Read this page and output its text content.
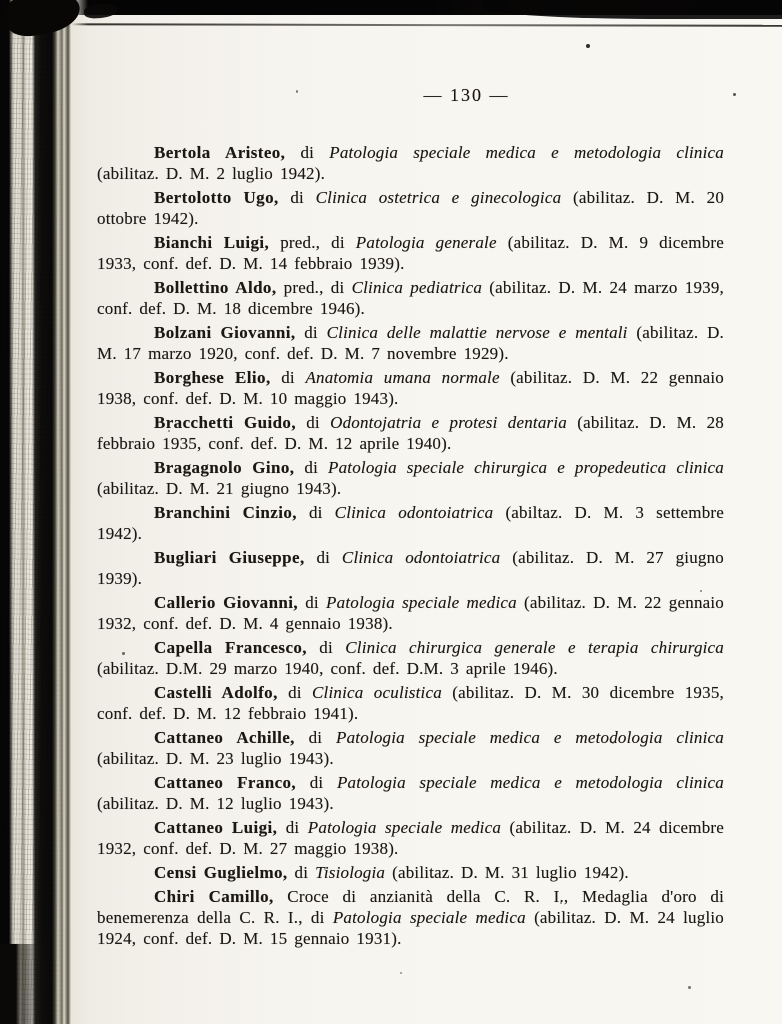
— 130 —

Bertola Aristeo, di Patologia speciale medica e metodologia clinica (abilitaz. D. M. 2 luglio 1942).

Bertolotto Ugo, di Clinica ostetrica e ginecologica (abilitaz. D. M. 20 ottobre 1942).

Bianchi Luigi, pred., di Patologia generale (abilitaz. D. M. 9 dicembre 1933, conf. def. D. M. 14 febbraio 1939).

Bollettino Aldo, pred., di Clinica pediatrica (abilitaz. D. M. 24 marzo 1939, conf. def. D. M. 18 dicembre 1946).

Bolzani Giovanni, di Clinica delle malattie nervose e mentali (abilitaz. D. M. 17 marzo 1920, conf. def. D. M. 7 novembre 1929).

Borghese Elio, di Anatomia umana normale (abilitaz. D. M. 22 gennaio 1938, conf. def. D. M. 10 maggio 1943).

Bracchetti Guido, di Odontojatria e protesi dentaria (abilitaz. D. M. 28 febbraio 1935, conf. def. D. M. 12 aprile 1940).

Bragagnolo Gino, di Patologia speciale chirurgica e propedeutica clinica (abilitaz. D. M. 21 giugno 1943).

Branchini Cinzio, di Clinica odontoiatrica (abiltaz. D. M. 3 settembre 1942).

Bugliari Giuseppe, di Clinica odontoiatrica (abilitaz. D. M. 27 giugno 1939).

Callerio Giovanni, di Patologia speciale medica (abilitaz. D. M. 22 gennaio 1932, conf. def. D. M. 4 gennaio 1938).

Capella Francesco, di Clinica chirurgica generale e terapia chirurgica (abilitaz. D.M. 29 marzo 1940, conf. def. D.M. 3 aprile 1946).

Castelli Adolfo, di Clinica oculistica (abilitaz. D. M. 30 dicembre 1935, conf. def. D. M. 12 febbraio 1941).

Cattaneo Achille, di Patologia speciale medica e metodologia clinica (abilitaz. D. M. 23 luglio 1943).

Cattaneo Franco, di Patologia speciale medica e metodologia clinica (abilitaz. D. M. 12 luglio 1943).

Cattaneo Luigi, di Patologia speciale medica (abilitaz. D. M. 24 dicembre 1932, conf. def. D. M. 27 maggio 1938).

Censi Guglielmo, di Tisiologia (abilitaz. D. M. 31 luglio 1942).

Chiri Camillo, Croce di anzianità della C. R. I., Medaglia d'oro di benemerenza della C. R. I., di Patologia speciale medica (abilitaz. D. M. 24 luglio 1924, conf. def. D. M. 15 gennaio 1931).
